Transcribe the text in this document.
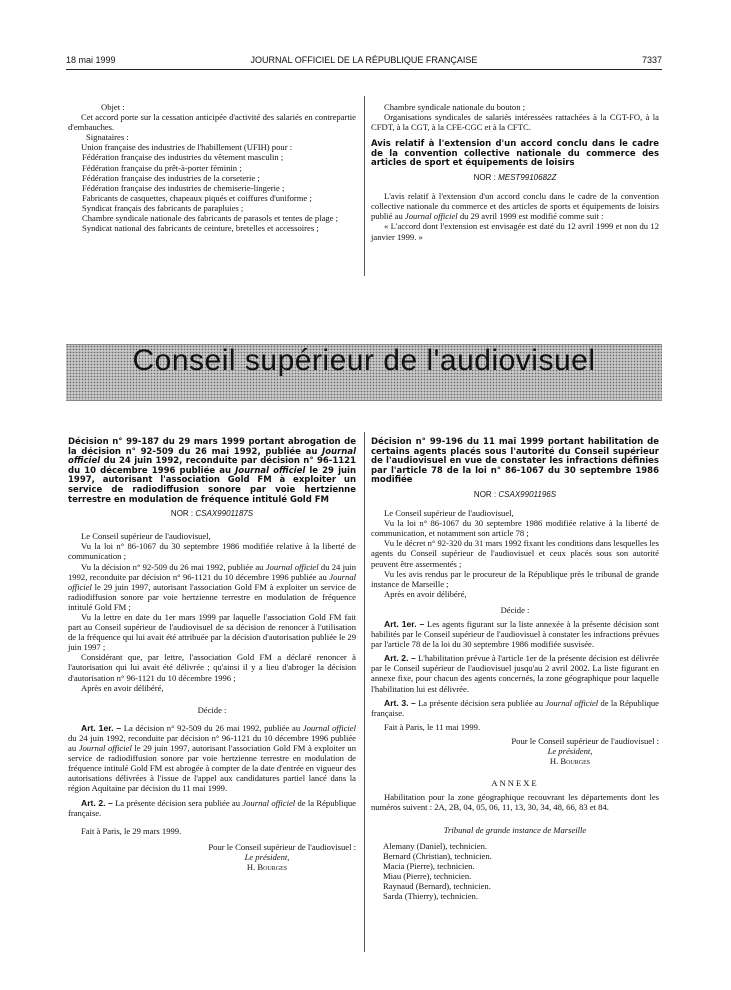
18 mai 1999	JOURNAL OFFICIEL DE LA RÉPUBLIQUE FRANÇAISE	7337

Objet :

Cet accord porte sur la cessation anticipée d'activité des salariés en contrepartie d'embauches.

Signataires :

Union française des industries de l'habillement (UFIH) pour :

Fédération française des industries du vêtement masculin ;

Fédération française du prêt-à-porter féminin ;

Fédération française des industries de la corseterie ;

Fédération française des industries de chemiserie-lingerie ;

Fabricants de casquettes, chapeaux piqués et coiffures d'uniforme ;

Syndicat français des fabricants de parapluies ;

Chambre syndicale nationale des fabricants de parasols et tentes de plage ;

Syndicat national des fabricants de ceinture, bretelles et accessoires ;

Chambre syndicale nationale du bouton ;

Organisations syndicales de salariés intéressées rattachées à la CGT-FO, à la CFDT, à la CGT, à la CFE-CGC et à la CFTC.

Avis relatif à l'extension d'un accord conclu dans le cadre de la convention collective nationale du commerce des articles de sport et équipements de loisirs

NOR : MEST9910682Z

L'avis relatif à l'extension d'un accord conclu dans le cadre de la convention collective nationale du commerce et des articles de sports et équipements de loisirs publié au Journal officiel du 29 avril 1999 est modifié comme suit :

« L'accord dont l'extension est envisagée est daté du 12 avril 1999 et non du 12 janvier 1999. »

Conseil supérieur de l'audiovisuel

Décision n° 99-187 du 29 mars 1999 portant abrogation de la décision n° 92-509 du 26 mai 1992, publiée au Journal officiel du 24 juin 1992, reconduite par décision n° 96-1121 du 10 décembre 1996 publiée au Journal officiel le 29 juin 1997, autorisant l'association Gold FM à exploiter un service de radiodiffusion sonore par voie hertzienne terrestre en modulation de fréquence intitulé Gold FM

NOR : CSAX9901187S

Le Conseil supérieur de l'audiovisuel,

Vu la loi n° 86-1067 du 30 septembre 1986 modifiée relative à la liberté de communication ;

Vu la décision n° 92-509 du 26 mai 1992, publiée au Journal officiel du 24 juin 1992, reconduite par décision n° 96-1121 du 10 décembre 1996 publiée au Journal officiel le 29 juin 1997, autorisant l'association Gold FM à exploiter un service de radiodiffusion sonore par voie hertzienne terrestre en modulation de fréquence intitulé Gold FM ;

Vu la lettre en date du 1er mars 1999 par laquelle l'association Gold FM fait part au Conseil supérieur de l'audiovisuel de sa décision de renoncer à l'utilisation de la fréquence qui lui avait été attribuée par la décision d'autorisation publiée le 29 juin 1997 ;

Considérant que, par lettre, l'association Gold FM a déclaré renoncer à l'autorisation qui lui avait été délivrée ; qu'ainsi il y a lieu d'abroger la décision d'autorisation n° 96-1121 du 10 décembre 1996 ;

Après en avoir délibéré,

Décide :

Art. 1er. – La décision n° 92-509 du 26 mai 1992, publiée au Journal officiel du 24 juin 1992, reconduite par décision n° 96-1121 du 10 décembre 1996 publiée au Journal officiel le 29 juin 1997, autorisant l'association Gold FM à exploiter un service de radiodiffusion sonore par voie hertzienne terrestre en modulation de fréquence intitulé Gold FM est abrogée à compter de la date d'entrée en vigueur des autorisations délivrées à l'issue de l'appel aux candidatures partiel lancé dans la région Aquitaine par décision du 11 mai 1999.

Art. 2. – La présente décision sera publiée au Journal officiel de la République française.

Fait à Paris, le 29 mars 1999.

Pour le Conseil supérieur de l'audiovisuel :

Le président,

H. Bourges

Décision n° 99-196 du 11 mai 1999 portant habilitation de certains agents placés sous l'autorité du Conseil supérieur de l'audiovisuel en vue de constater les infractions définies par l'article 78 de la loi n° 86-1067 du 30 septembre 1986 modifiée

NOR : CSAX9901196S

Le Conseil supérieur de l'audiovisuel,

Vu la loi n° 86-1067 du 30 septembre 1986 modifiée relative à la liberté de communication, et notamment son article 78 ;

Vu le décret n° 92-320 du 31 mars 1992 fixant les conditions dans lesquelles les agents du Conseil supérieur de l'audiovisuel et ceux placés sous son autorité peuvent être assermentés ;

Vu les avis rendus par le procureur de la République près le tribunal de grande instance de Marseille ;

Après en avoir délibéré,

Décide :

Art. 1er. – Les agents figurant sur la liste annexée à la présente décision sont habilités par le Conseil supérieur de l'audiovisuel à constater les infractions prévues par l'article 78 de la loi du 30 septembre 1986 modifiée susvisée.

Art. 2. – L'habilitation prévue à l'article 1er de la présente décision est délivrée par le Conseil supérieur de l'audiovisuel jusqu'au 2 avril 2002. La liste figurant en annexe fixe, pour chacun des agents concernés, la zone géographique pour laquelle l'habilitation lui est délivrée.

Art. 3. – La présente décision sera publiée au Journal officiel de la République française.

Fait à Paris, le 11 mai 1999.

Pour le Conseil supérieur de l'audiovisuel :

Le président,

H. Bourges

ANNEXE

Habilitation pour la zone géographique recouvrant les départements dont les numéros suivent : 2A, 2B, 04, 05, 06, 11, 13, 30, 34, 48, 66, 83 et 84.

Tribunal de grande instance de Marseille

Alemany (Daniel), technicien.

Bernard (Christian), technicien.

Macia (Pierre), technicien.

Miau (Pierre), technicien.

Raynaud (Bernard), technicien.

Sarda (Thierry), technicien.
